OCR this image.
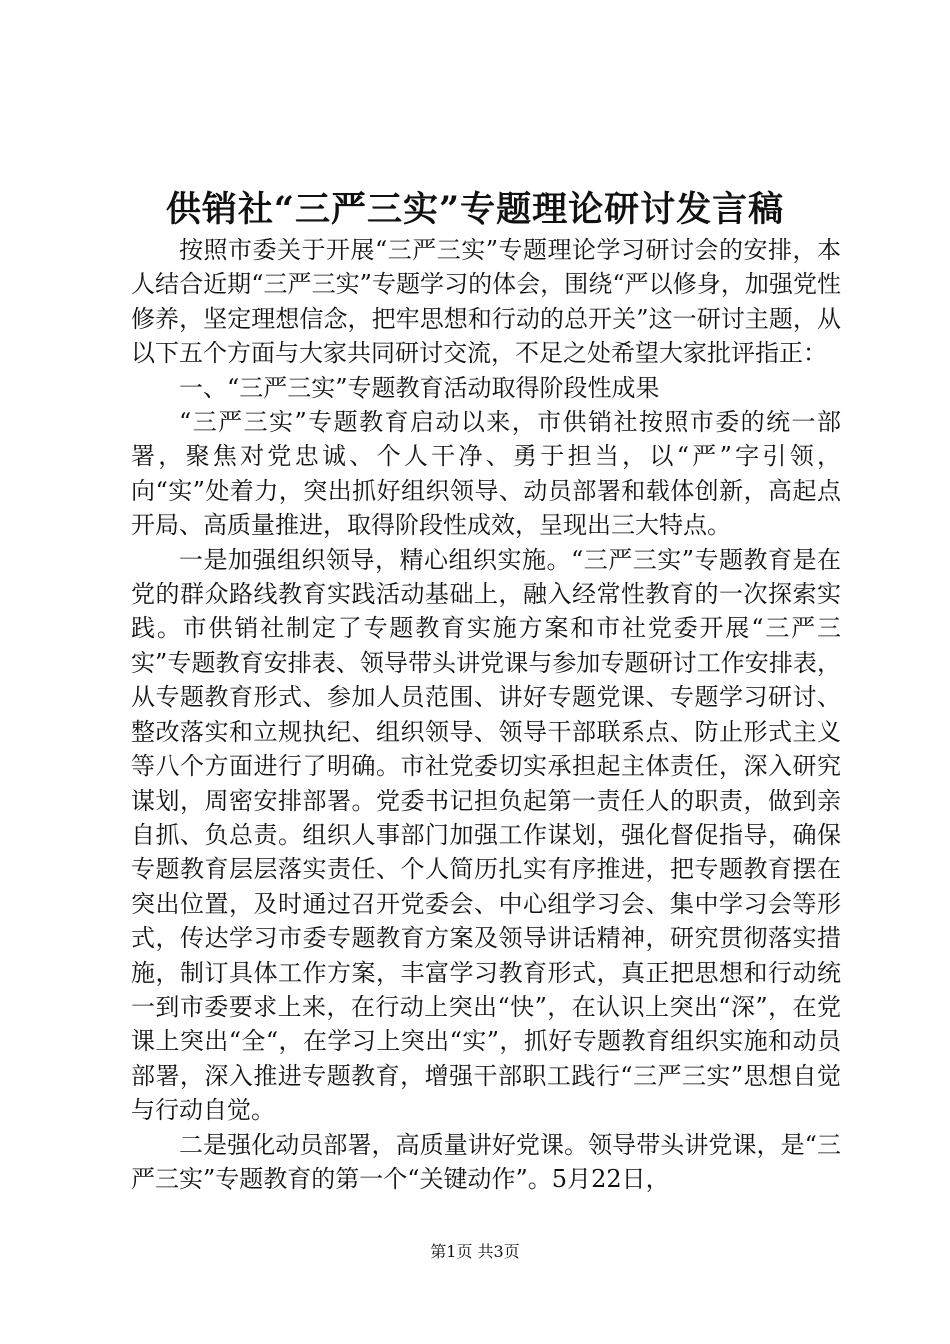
供销社“三严三实”专题理论研讨发言稿

按照市委关于开展“三严三实”专题理论学习研讨会的安排，本人结合近期“三严三实”专题学习的体会，围绕“严以修身，加强党性修养，坚定理想信念，把牢思想和行动的总开关”这一研讨主题，从以下五个方面与大家共同研讨交流，不足之处希望大家批评指正：

一、“三严三实”专题教育活动取得阶段性成果

“三严三实”专题教育启动以来，市供销社按照市委的统一部署，聚焦对党忠诚、个人干净、勇于担当，以“严”字引领，向“实”处着力，突出抓好组织领导、动员部署和载体创新，高起点开局、高质量推进，取得阶段性成效，呈现出三大特点。

一是加强组织领导，精心组织实施。“三严三实”专题教育是在党的群众路线教育实践活动基础上，融入经常性教育的一次探索实践。市供销社制定了专题教育实施方案和市社党委开展“三严三实”专题教育安排表、领导带头讲党课与参加专题研讨工作安排表，从专题教育形式、参加人员范围、讲好专题党课、专题学习研讨、整改落实和立规执纪、组织领导、领导干部联系点、防止形式主义等八个方面进行了明确。市社党委切实承担起主体责任，深入研究谋划，周密安排部署。党委书记担负起第一责任人的职责，做到亲自抓、负总责。组织人事部门加强工作谋划，强化督促指导，确保专题教育层层落实责任、个人简历扎实有序推进，把专题教育摆在突出位置，及时通过召开党委会、中心组学习会、集中学习会等形式，传达学习市委专题教育方案及领导讲话精神，研究贯彻落实措施，制订具体工作方案，丰富学习教育形式，真正把思想和行动统一到市委要求上来，在行动上突出“快”，在认识上突出“深”，在党课上突出“全“，在学习上突出“实”，抓好专题教育组织实施和动员部署，深入推进专题教育，增强干部职工践行“三严三实”思想自觉与行动自觉。

二是强化动员部署，高质量讲好党课。领导带头讲党课，是“三严三实”专题教育的第一个“关键动作”。5月22日，

第1页 共3页
